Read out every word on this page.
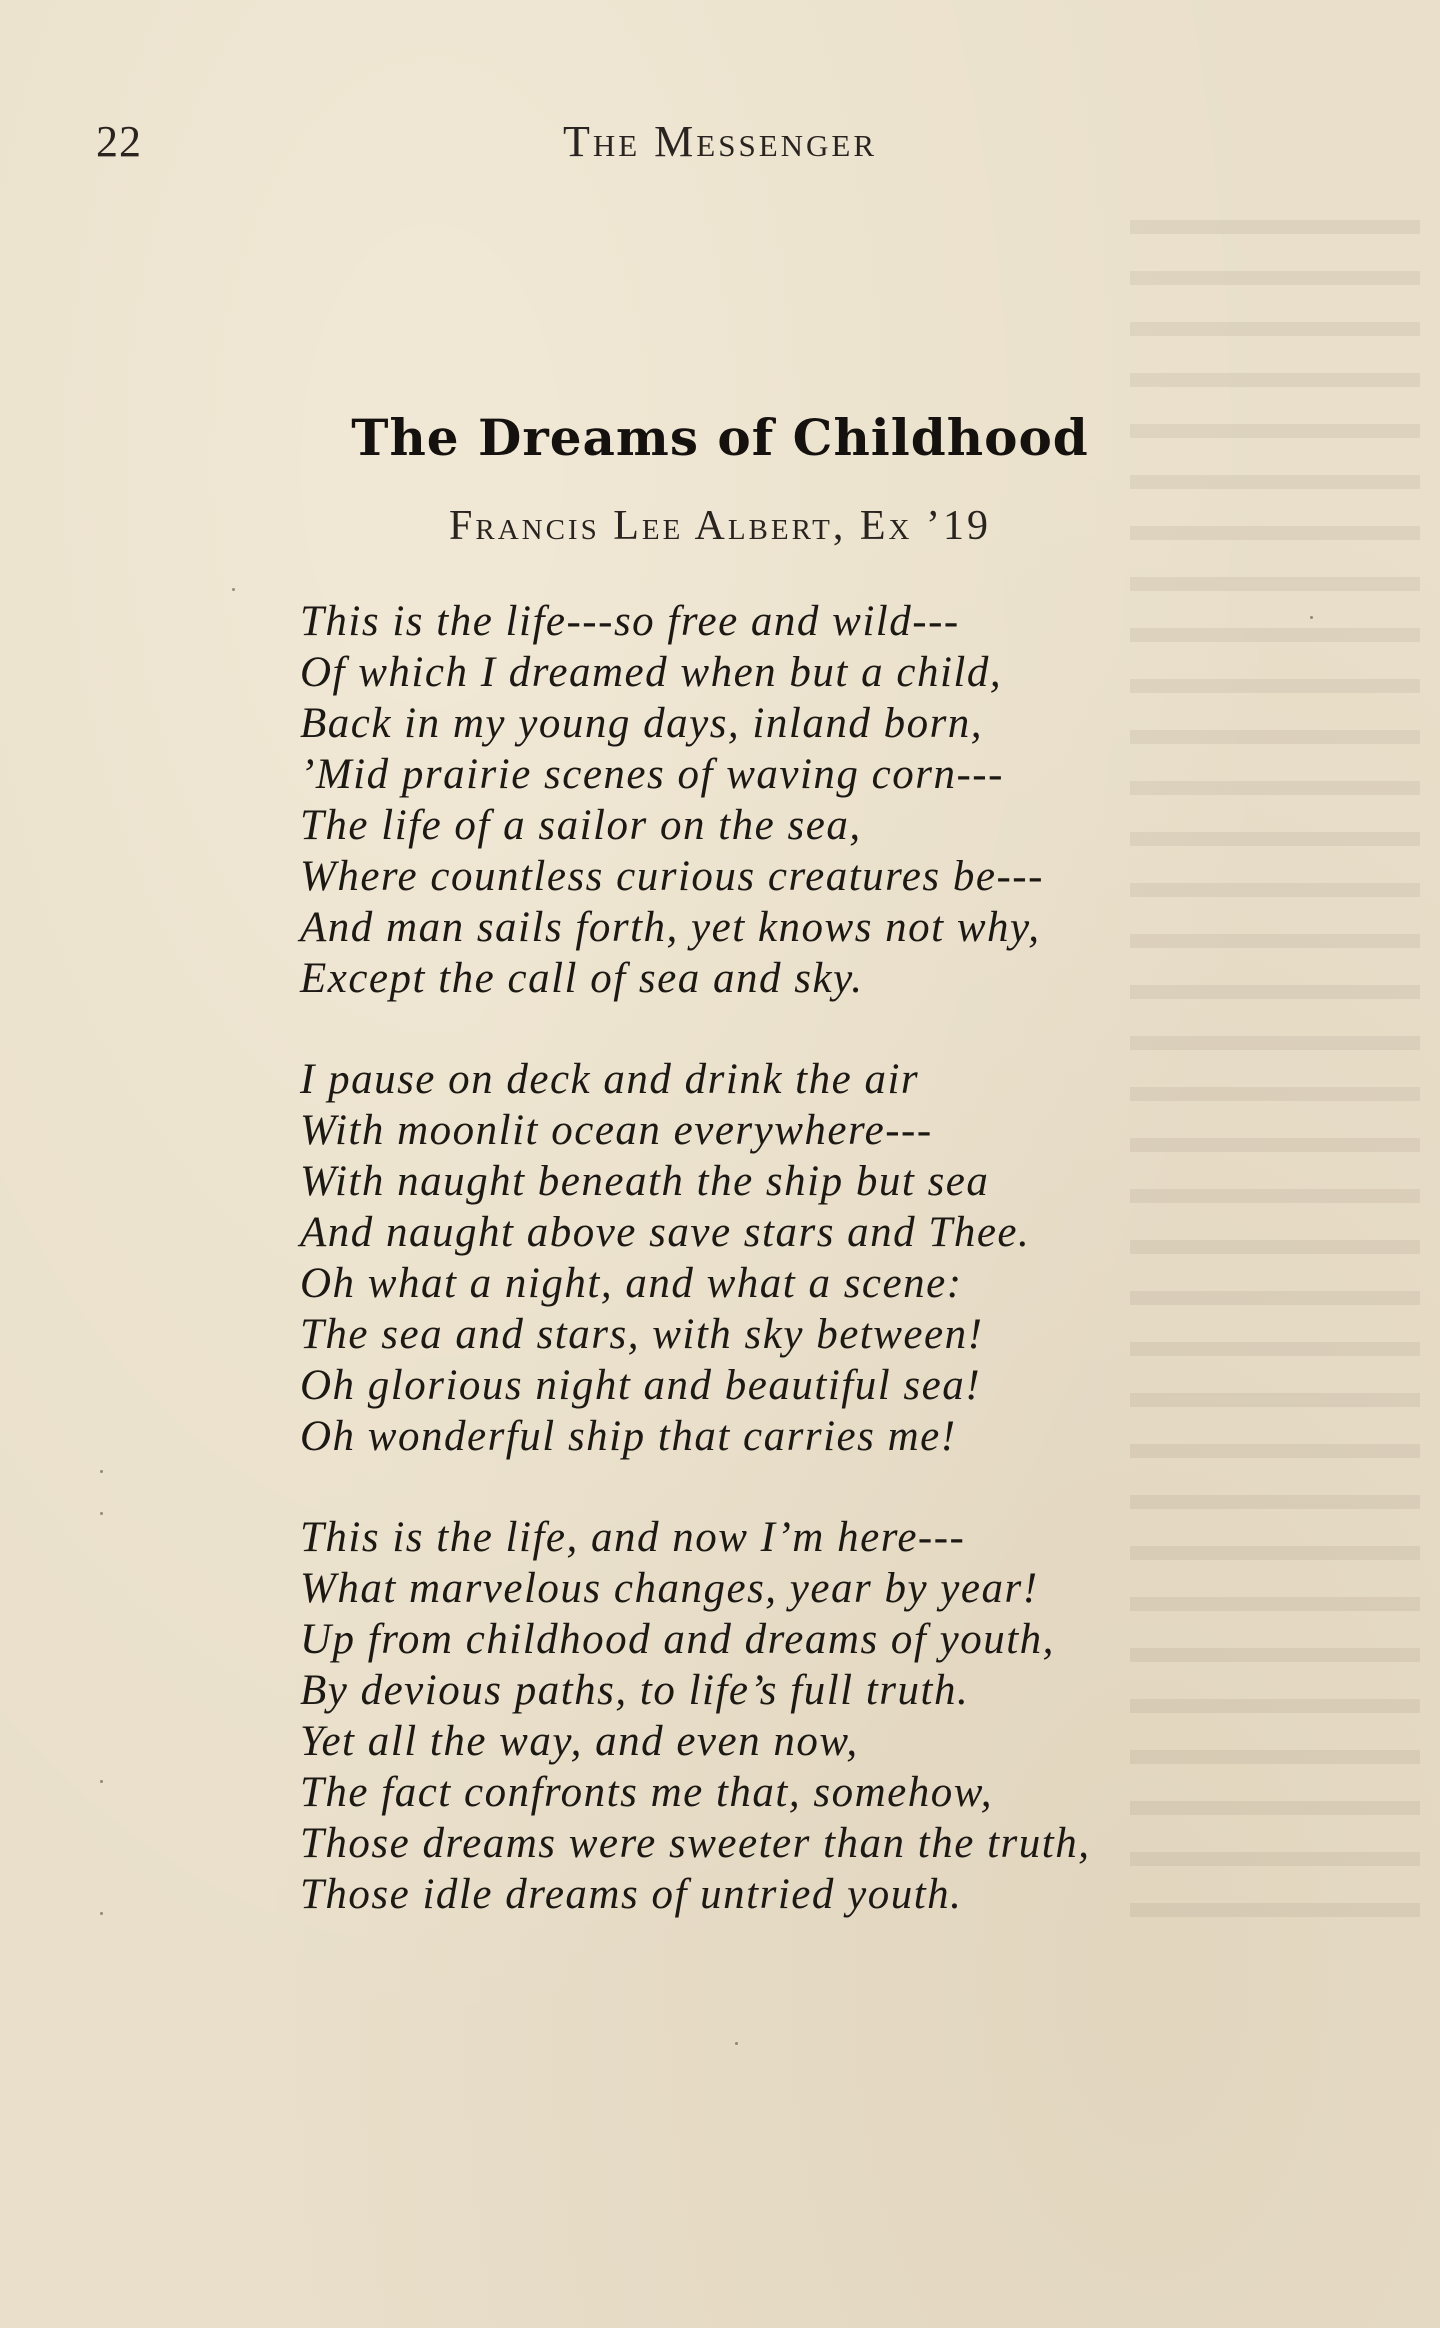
22	The Messenger
The Dreams of Childhood
Francis Lee Albert, Ex ’19
This is the life---so free and wild---
Of which I dreamed when but a child,
Back in my young days, inland born,
’Mid prairie scenes of waving corn---
The life of a sailor on the sea,
Where countless curious creatures be---
And man sails forth, yet knows not why,
Except the call of sea and sky.
I pause on deck and drink the air
With moonlit ocean everywhere---
With naught beneath the ship but sea
And naught above save stars and Thee.
Oh what a night, and what a scene:
The sea and stars, with sky between!
Oh glorious night and beautiful sea!
Oh wonderful ship that carries me!
This is the life, and now I’m here---
What marvelous changes, year by year!
Up from childhood and dreams of youth,
By devious paths, to life’s full truth.
Yet all the way, and even now,
The fact confronts me that, somehow,
Those dreams were sweeter than the truth,
Those idle dreams of untried youth.
